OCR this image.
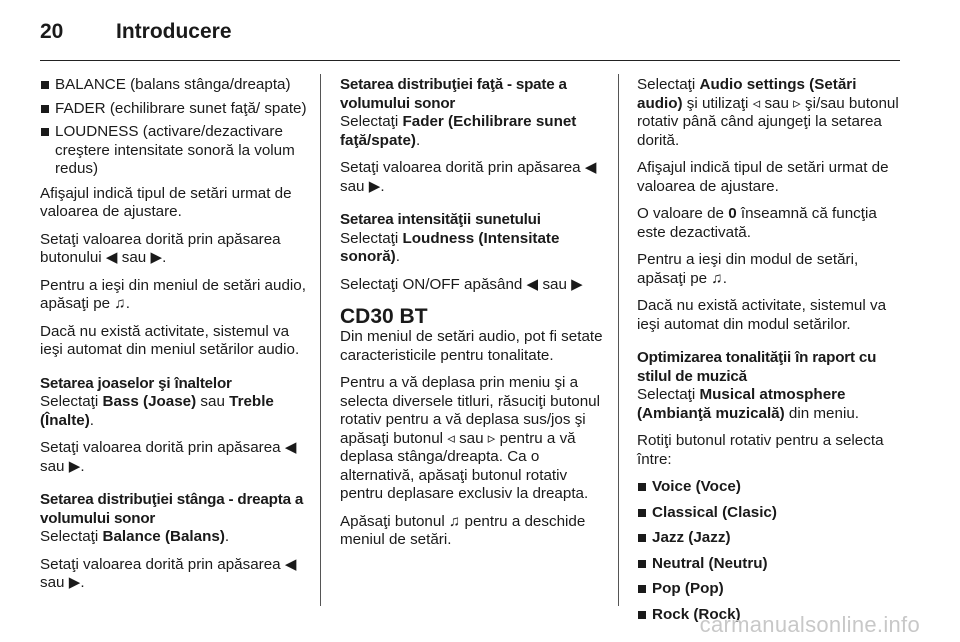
20	Introducere
BALANCE (balans stânga/dreapta)
FADER (echilibrare sunet faţă/ spate)
LOUDNESS (activare/dezactivare creştere intensitate sonoră la volum redus)

Afişajul indică tipul de setări urmat de valoarea de ajustare.

Setaţi valoarea dorită prin apăsarea butonului ◀ sau ▶.

Pentru a ieşi din meniul de setări audio, apăsaţi pe ♫.

Dacă nu există activitate, sistemul va ieşi automat din meniul setărilor audio.

Setarea joaselor şi înaltelor

Selectaţi Bass (Joase) sau Treble (Înalte).

Setaţi valoarea dorită prin apăsarea ◀ sau ▶.

Setarea distribuţiei stânga - dreapta a volumului sonor

Selectaţi Balance (Balans).

Setaţi valoarea dorită prin apăsarea ◀ sau ▶.

Setarea distribuţiei faţă - spate a volumului sonor

Selectaţi Fader (Echilibrare sunet faţă/spate).

Setaţi valoarea dorită prin apăsarea ◀ sau ▶.

Setarea intensităţii sunetului

Selectaţi Loudness (Intensitate sonoră).

Selectaţi ON/OFF apăsând ◀ sau ▶

CD30 BT

Din meniul de setări audio, pot fi setate caracteristicile pentru tonalitate.

Pentru a vă deplasa prin meniu şi a selecta diversele titluri, răsuciţi butonul rotativ pentru a vă deplasa sus/jos şi apăsaţi butonul ◃ sau ▹ pentru a vă deplasa stânga/dreapta. Ca o alternativă, apăsaţi butonul rotativ pentru deplasare exclusiv la dreapta.

Apăsaţi butonul ♫ pentru a deschide meniul de setări.

Selectaţi Audio settings (Setări audio) şi utilizaţi ◃ sau ▹ şi/sau butonul rotativ până când ajungeţi la setarea dorită.

Afişajul indică tipul de setări urmat de valoarea de ajustare.

O valoare de 0 înseamnă că funcţia este dezactivată.

Pentru a ieşi din modul de setări, apăsaţi pe ♫.

Dacă nu există activitate, sistemul va ieşi automat din modul setărilor.

Optimizarea tonalităţii în raport cu stilul de muzică

Selectaţi Musical atmosphere (Ambianţă muzicală) din meniu.

Rotiţi butonul rotativ pentru a selecta între:

Voice (Voce)
Classical (Clasic)
Jazz (Jazz)
Neutral (Neutru)
Pop (Pop)
Rock (Rock)
carmanualsonline.info
